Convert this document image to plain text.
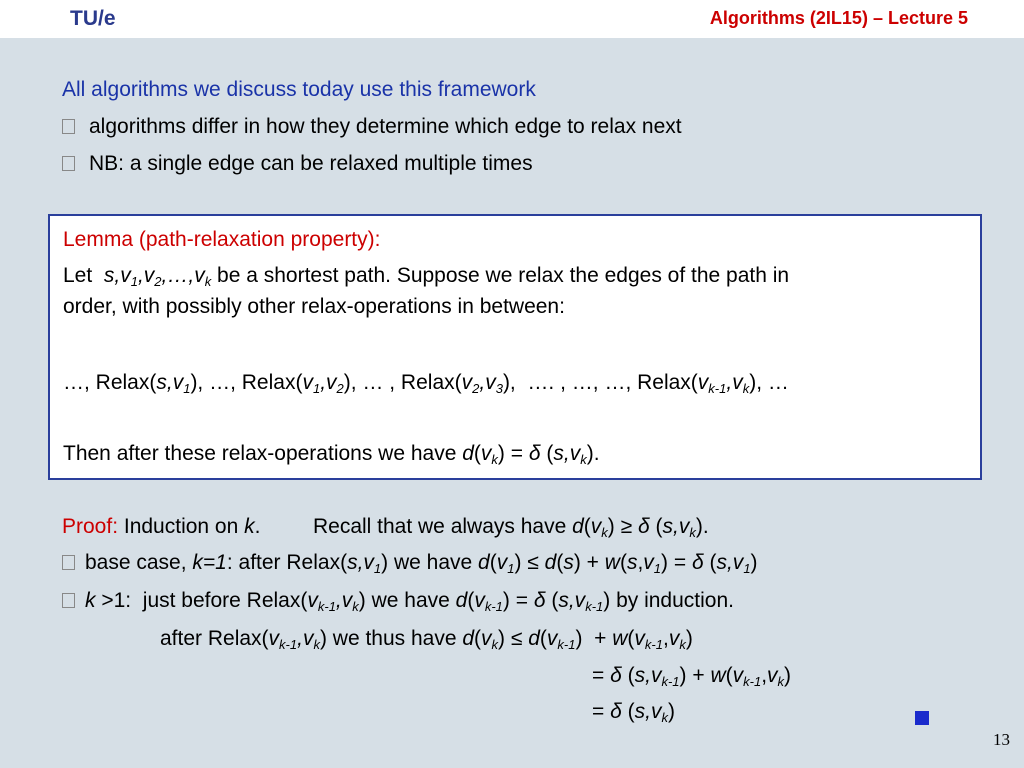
TU/e	Algorithms (2IL15) – Lecture 5
All algorithms we discuss today use this framework
algorithms differ in how they determine which edge to relax next
NB: a single edge can be relaxed multiple times
Lemma (path-relaxation property):
Let  $s,v_1,v_2,\dots,v_k$ be a shortest path. Suppose we relax the edges of the path in
order, with possibly other relax-operations in between:
…, $Relax(s,v_1)$, …, $Relax(v_1,v_2)$, … , $Relax(v_2,v_3)$,  …. , …, …, $Relax(v_{k-1},v_k)$, …
Then after these relax-operations we have $d(v_k) = \delta$ $(s,v_k)$.
Proof: Induction on k.         Recall that we always have $d(v_k) \ge \delta$ $(s,v_k)$.
base case, k=1: after $Relax(s,v_1)$ we have $d(v_1) \le d(s) + w(s,v_1) = \delta$ $(s,v_1)$
k >1:  just before $Relax(v_{k-1},v_k)$ we have $d(v_{k-1}) = \delta$ $(s,v_{k-1})$ by induction.
after $Relax(v_{k-1},v_k)$ we thus have $d(v_k) \le d(v_{k-1}) + w(v_{k-1},v_k)$
= δ $(s,v_{k-1}) + w(v_{k-1},v_k)$
= δ $(s,v_k)$
13
